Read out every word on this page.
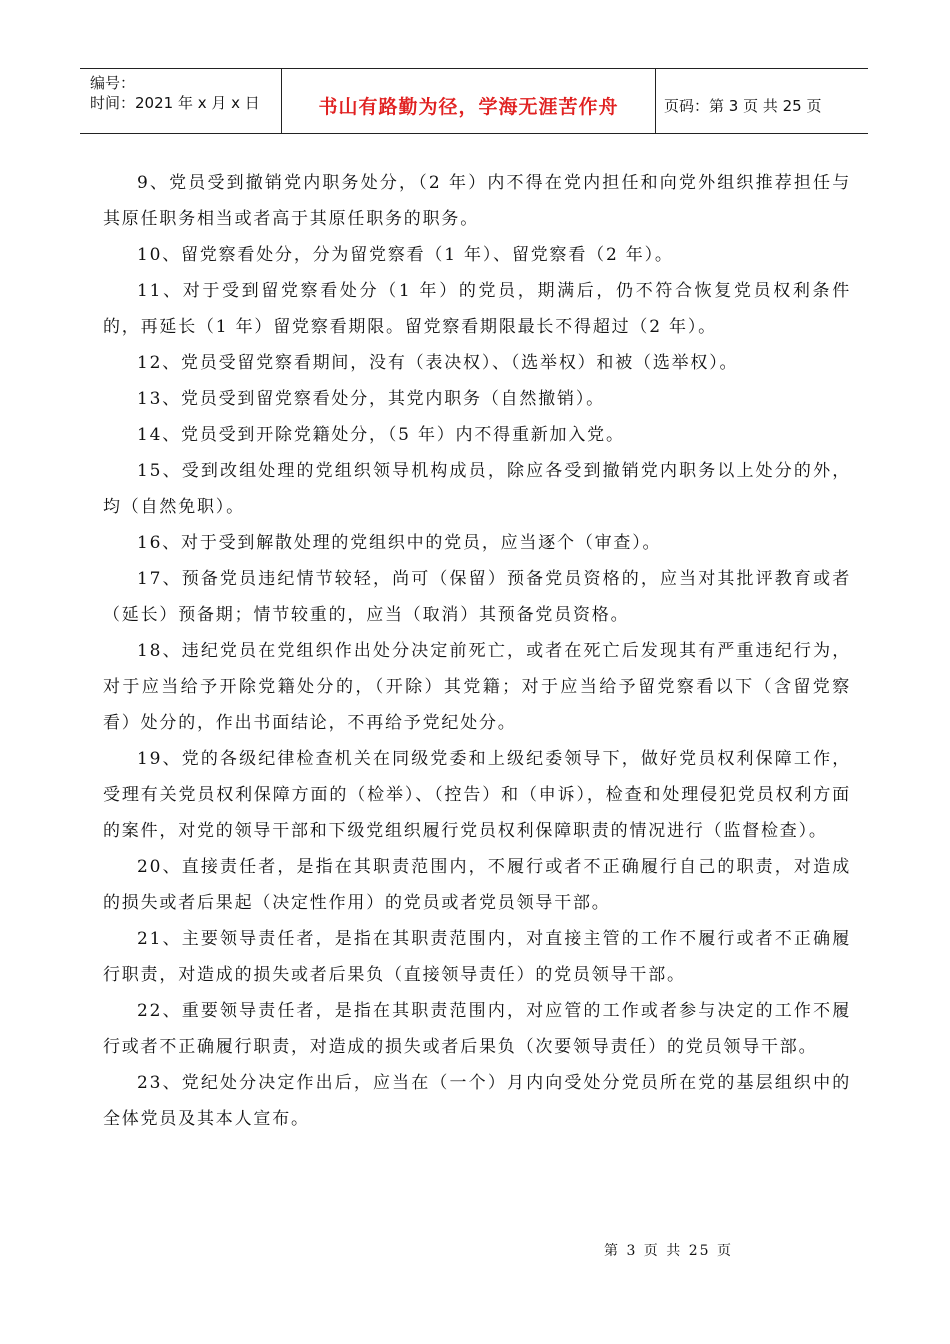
编号：
时间：2021 年 x 月 x 日	书山有路勤为径，学海无涯苦作舟	页码：第 3 页 共 25 页

9、党员受到撤销党内职务处分，（2 年）内不得在党内担任和向党外组织推荐担任与其原任职务相当或者高于其原任职务的职务。

10、留党察看处分，分为留党察看（1 年）、留党察看（2 年）。

11、对于受到留党察看处分（1 年）的党员，期满后，仍不符合恢复党员权利条件的，再延长（1 年）留党察看期限。留党察看期限最长不得超过（2 年）。

12、党员受留党察看期间，没有（表决权）、（选举权）和被（选举权）。

13、党员受到留党察看处分，其党内职务（自然撤销）。

14、党员受到开除党籍处分，（5 年）内不得重新加入党。

15、受到改组处理的党组织领导机构成员，除应各受到撤销党内职务以上处分的外，均（自然免职）。

16、对于受到解散处理的党组织中的党员，应当逐个（审查）。

17、预备党员违纪情节较轻，尚可（保留）预备党员资格的，应当对其批评教育或者（延长）预备期；情节较重的，应当（取消）其预备党员资格。

18、违纪党员在党组织作出处分决定前死亡，或者在死亡后发现其有严重违纪行为，对于应当给予开除党籍处分的，（开除）其党籍；对于应当给予留党察看以下（含留党察看）处分的，作出书面结论，不再给予党纪处分。

19、党的各级纪律检查机关在同级党委和上级纪委领导下，做好党员权利保障工作，受理有关党员权利保障方面的（检举）、（控告）和（申诉），检查和处理侵犯党员权利方面的案件，对党的领导干部和下级党组织履行党员权利保障职责的情况进行（监督检查）。

20、直接责任者，是指在其职责范围内，不履行或者不正确履行自己的职责，对造成的损失或者后果起（决定性作用）的党员或者党员领导干部。

21、主要领导责任者，是指在其职责范围内，对直接主管的工作不履行或者不正确履行职责，对造成的损失或者后果负（直接领导责任）的党员领导干部。

22、重要领导责任者，是指在其职责范围内，对应管的工作或者参与决定的工作不履行或者不正确履行职责，对造成的损失或者后果负（次要领导责任）的党员领导干部。

23、党纪处分决定作出后，应当在（一个）月内向受处分党员所在党的基层组织中的全体党员及其本人宣布。

第 3 页 共 25 页
